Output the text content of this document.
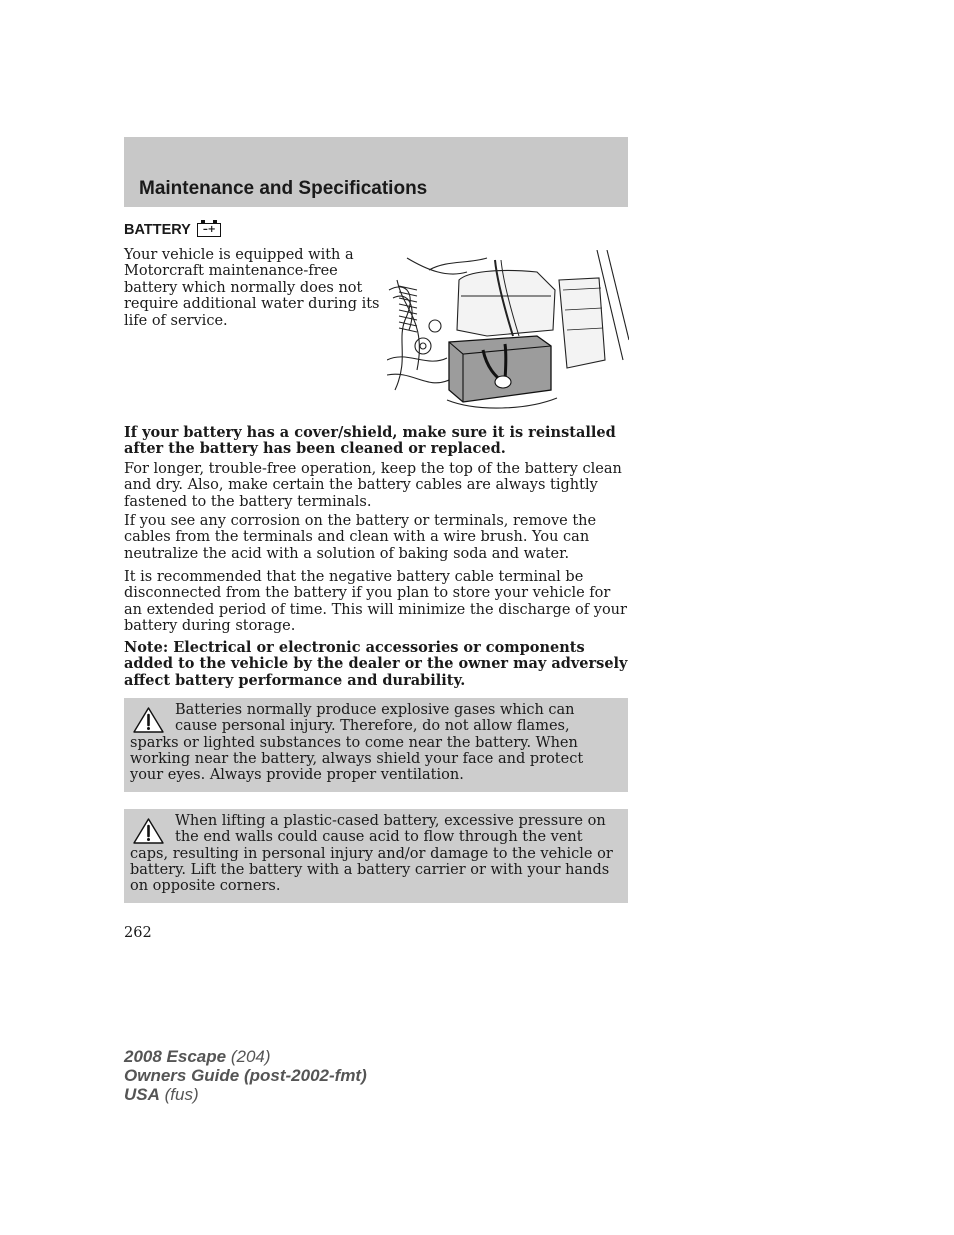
Maintenance and Specifications
BATTERY – +
Your vehicle is equipped with a Motorcraft maintenance-free battery which normally does not require additional water during its life of service.

If your battery has a cover/shield, make sure it is reinstalled after the battery has been cleaned or replaced.

For longer, trouble-free operation, keep the top of the battery clean and dry. Also, make certain the battery cables are always tightly fastened to the battery terminals.

If you see any corrosion on the battery or terminals, remove the cables from the terminals and clean with a wire brush. You can neutralize the acid with a solution of baking soda and water.

It is recommended that the negative battery cable terminal be disconnected from the battery if you plan to store your vehicle for an extended period of time. This will minimize the discharge of your battery during storage.

Note: Electrical or electronic accessories or components added to the vehicle by the dealer or the owner may adversely affect battery performance and durability.

Batteries normally produce explosive gases which can cause personal injury. Therefore, do not allow flames, sparks or lighted substances to come near the battery. When working near the battery, always shield your face and protect your eyes. Always provide proper ventilation.
When lifting a plastic-cased battery, excessive pressure on the end walls could cause acid to flow through the vent caps, resulting in personal injury and/or damage to the vehicle or battery. Lift the battery with a battery carrier or with your hands on opposite corners.
262
2008 Escape (204)
Owners Guide (post-2002-fmt)
USA (fus)
